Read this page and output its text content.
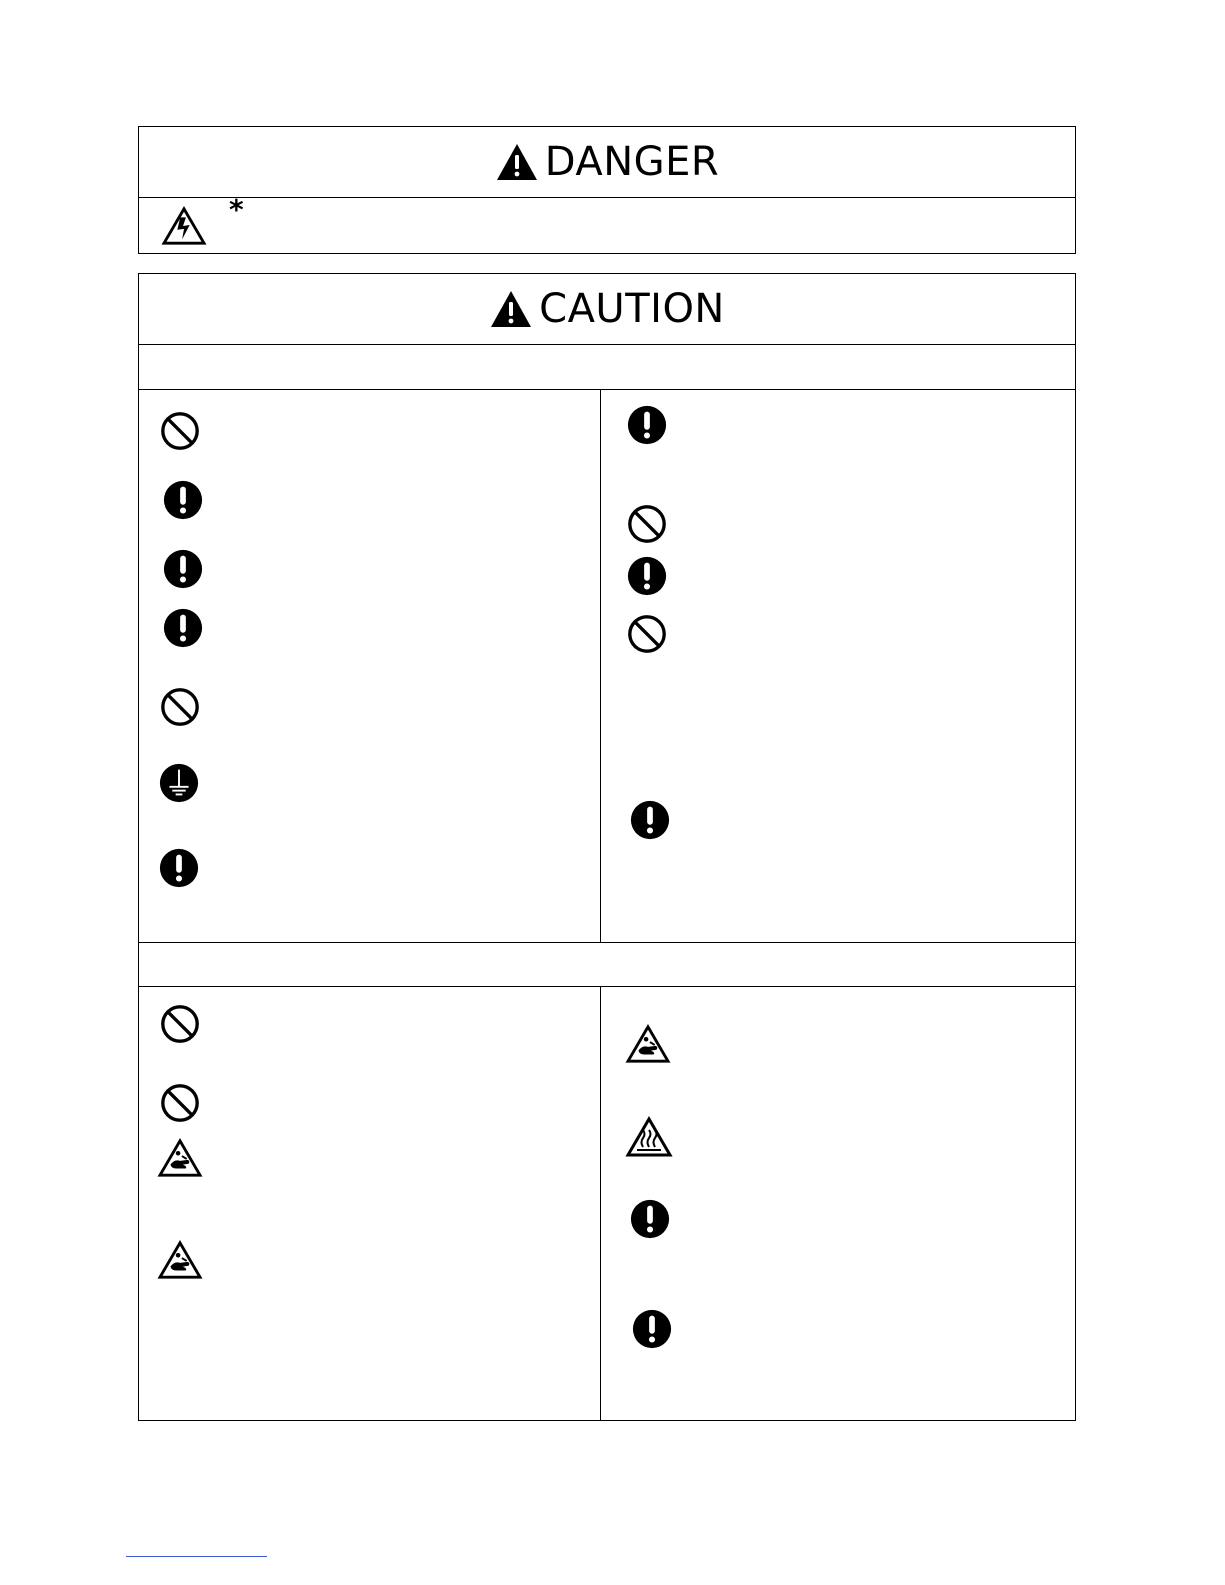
DANGER
*
CAUTION
